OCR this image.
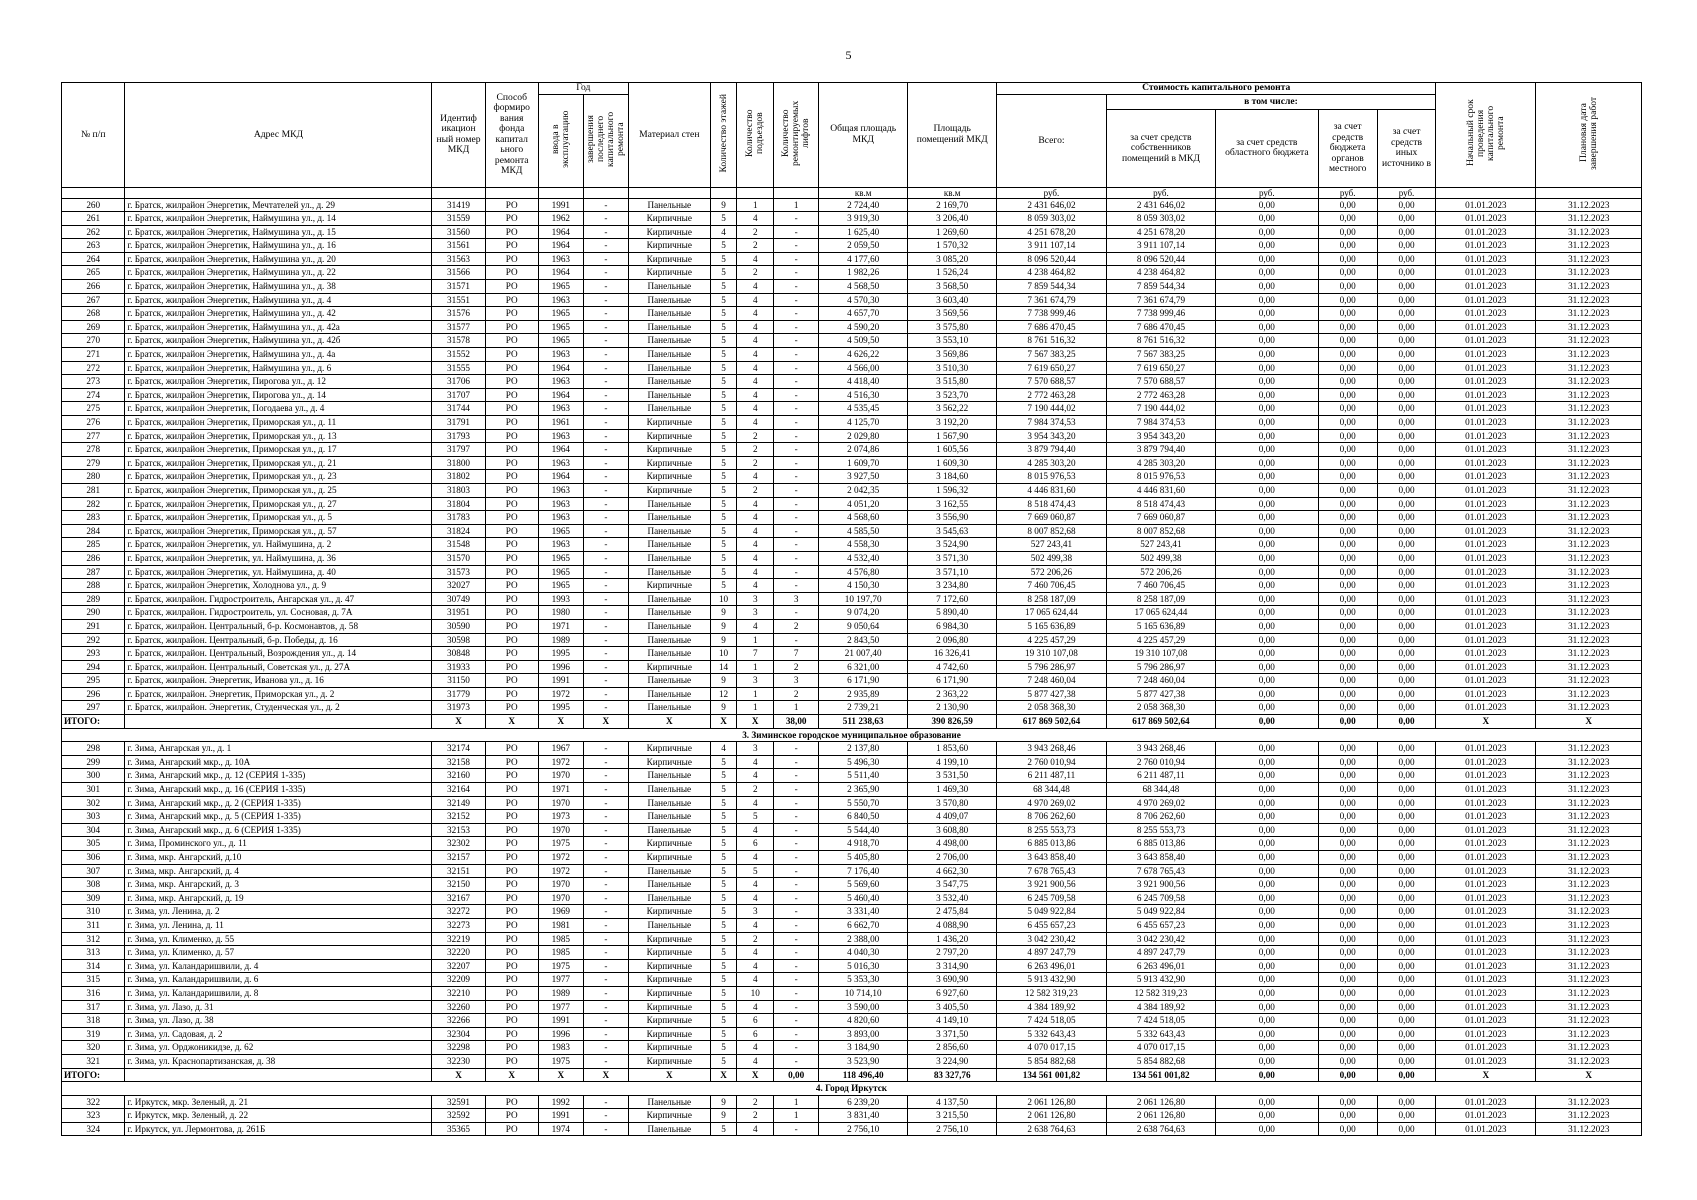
5
№ п/п	Адрес МКД	Идентиф икацион ный номер МКД	Способ формиро вания фонда капитал ьного ремонта МКД	Год		Материал стен	Количество этажей	Количество подъездов	Количество ремонтируемых лифтов	Общая площадь МКД	Площадь помещений МКД	Стоимость капитального ремонта					Начальный срок проведения капитального ремонта	Плановая дата завершения работ
				ввода в эксплуатацию	завершения последнего капитального ремонта							Всего:	в том числе:					
													за счет средств собственников помещений в МКД	за счет средств областного бюджета	за счет средств бюджета органов местного	за счет средств иных источнико в		
										кв.м	кв.м	руб.	руб.	руб.	руб.	руб.		
260	г. Братск, жилрайон Энергетик, Мечтателей ул., д. 29	31419	РО	1991	-	Панельные	9	1	1	2 724,40	2 169,70	2 431 646,02	2 431 646,02	0,00	0,00	0,00	01.01.2023	31.12.2023
261	г. Братск, жилрайон Энергетик, Наймушина ул., д. 14	31559	РО	1962	-	Кирпичные	5	4	-	3 919,30	3 206,40	8 059 303,02	8 059 303,02	0,00	0,00	0,00	01.01.2023	31.12.2023
262	г. Братск, жилрайон Энергетик, Наймушина ул., д. 15	31560	РО	1964	-	Кирпичные	4	2	-	1 625,40	1 269,60	4 251 678,20	4 251 678,20	0,00	0,00	0,00	01.01.2023	31.12.2023
263	г. Братск, жилрайон Энергетик, Наймушина ул., д. 16	31561	РО	1964	-	Кирпичные	5	2	-	2 059,50	1 570,32	3 911 107,14	3 911 107,14	0,00	0,00	0,00	01.01.2023	31.12.2023
264	г. Братск, жилрайон Энергетик, Наймушина ул., д. 20	31563	РО	1963	-	Кирпичные	5	4	-	4 177,60	3 085,20	8 096 520,44	8 096 520,44	0,00	0,00	0,00	01.01.2023	31.12.2023
265	г. Братск, жилрайон Энергетик, Наймушина ул., д. 22	31566	РО	1964	-	Кирпичные	5	2	-	1 982,26	1 526,24	4 238 464,82	4 238 464,82	0,00	0,00	0,00	01.01.2023	31.12.2023
266	г. Братск, жилрайон Энергетик, Наймушина ул., д. 38	31571	РО	1965	-	Панельные	5	4	-	4 568,50	3 568,50	7 859 544,34	7 859 544,34	0,00	0,00	0,00	01.01.2023	31.12.2023
267	г. Братск, жилрайон Энергетик, Наймушина ул., д. 4	31551	РО	1963	-	Панельные	5	4	-	4 570,30	3 603,40	7 361 674,79	7 361 674,79	0,00	0,00	0,00	01.01.2023	31.12.2023
268	г. Братск, жилрайон Энергетик, Наймушина ул., д. 42	31576	РО	1965	-	Панельные	5	4	-	4 657,70	3 569,56	7 738 999,46	7 738 999,46	0,00	0,00	0,00	01.01.2023	31.12.2023
269	г. Братск, жилрайон Энергетик, Наймушина ул., д. 42а	31577	РО	1965	-	Панельные	5	4	-	4 590,20	3 575,80	7 686 470,45	7 686 470,45	0,00	0,00	0,00	01.01.2023	31.12.2023
270	г. Братск, жилрайон Энергетик, Наймушина ул., д. 42б	31578	РО	1965	-	Панельные	5	4	-	4 509,50	3 553,10	8 761 516,32	8 761 516,32	0,00	0,00	0,00	01.01.2023	31.12.2023
271	г. Братск, жилрайон Энергетик, Наймушина ул., д. 4а	31552	РО	1963	-	Панельные	5	4	-	4 626,22	3 569,86	7 567 383,25	7 567 383,25	0,00	0,00	0,00	01.01.2023	31.12.2023
272	г. Братск, жилрайон Энергетик, Наймушина ул., д. 6	31555	РО	1964	-	Панельные	5	4	-	4 566,00	3 510,30	7 619 650,27	7 619 650,27	0,00	0,00	0,00	01.01.2023	31.12.2023
273	г. Братск, жилрайон Энергетик, Пирогова ул., д. 12	31706	РО	1963	-	Панельные	5	4	-	4 418,40	3 515,80	7 570 688,57	7 570 688,57	0,00	0,00	0,00	01.01.2023	31.12.2023
274	г. Братск, жилрайон Энергетик, Пирогова ул., д. 14	31707	РО	1964	-	Панельные	5	4	-	4 516,30	3 523,70	2 772 463,28	2 772 463,28	0,00	0,00	0,00	01.01.2023	31.12.2023
275	г. Братск, жилрайон Энергетик, Погодаева ул., д. 4	31744	РО	1963	-	Панельные	5	4	-	4 535,45	3 562,22	7 190 444,02	7 190 444,02	0,00	0,00	0,00	01.01.2023	31.12.2023
276	г. Братск, жилрайон Энергетик, Приморская ул., д. 11	31791	РО	1961	-	Кирпичные	5	4	-	4 125,70	3 192,20	7 984 374,53	7 984 374,53	0,00	0,00	0,00	01.01.2023	31.12.2023
277	г. Братск, жилрайон Энергетик, Приморская ул., д. 13	31793	РО	1963	-	Кирпичные	5	2	-	2 029,80	1 567,90	3 954 343,20	3 954 343,20	0,00	0,00	0,00	01.01.2023	31.12.2023
278	г. Братск, жилрайон Энергетик, Приморская ул., д. 17	31797	РО	1964	-	Кирпичные	5	2	-	2 074,86	1 605,56	3 879 794,40	3 879 794,40	0,00	0,00	0,00	01.01.2023	31.12.2023
279	г. Братск, жилрайон Энергетик, Приморская ул., д. 21	31800	РО	1963	-	Кирпичные	5	2	-	1 609,70	1 609,30	4 285 303,20	4 285 303,20	0,00	0,00	0,00	01.01.2023	31.12.2023
280	г. Братск, жилрайон Энергетик, Приморская ул., д. 23	31802	РО	1964	-	Кирпичные	5	4	-	3 927,50	3 184,60	8 015 976,53	8 015 976,53	0,00	0,00	0,00	01.01.2023	31.12.2023
281	г. Братск, жилрайон Энергетик, Приморская ул., д. 25	31803	РО	1963	-	Кирпичные	5	2	-	2 042,35	1 596,32	4 446 831,60	4 446 831,60	0,00	0,00	0,00	01.01.2023	31.12.2023
282	г. Братск, жилрайон Энергетик, Приморская ул., д. 27	31804	РО	1963	-	Панельные	5	4	-	4 051,20	3 162,55	8 518 474,43	8 518 474,43	0,00	0,00	0,00	01.01.2023	31.12.2023
283	г. Братск, жилрайон Энергетик, Приморская ул., д. 5	31783	РО	1963	-	Панельные	5	4	-	4 568,60	3 556,90	7 669 060,87	7 669 060,87	0,00	0,00	0,00	01.01.2023	31.12.2023
284	г. Братск, жилрайон Энергетик, Приморская ул., д. 57	31824	РО	1965	-	Панельные	5	4	-	4 585,50	3 545,63	8 007 852,68	8 007 852,68	0,00	0,00	0,00	01.01.2023	31.12.2023
285	г. Братск, жилрайон Энергетик, ул. Наймушина, д. 2	31548	РО	1963	-	Панельные	5	4	-	4 558,30	3 524,90	527 243,41	527 243,41	0,00	0,00	0,00	01.01.2023	31.12.2023
286	г. Братск, жилрайон Энергетик, ул. Наймушина, д. 36	31570	РО	1965	-	Панельные	5	4	-	4 532,40	3 571,30	502 499,38	502 499,38	0,00	0,00	0,00	01.01.2023	31.12.2023
287	г. Братск, жилрайон Энергетик, ул. Наймушина, д. 40	31573	РО	1965	-	Панельные	5	4	-	4 576,80	3 571,10	572 206,26	572 206,26	0,00	0,00	0,00	01.01.2023	31.12.2023
288	г. Братск, жилрайон Энергетик, Холоднова ул., д. 9	32027	РО	1965	-	Кирпичные	5	4	-	4 150,30	3 234,80	7 460 706,45	7 460 706,45	0,00	0,00	0,00	01.01.2023	31.12.2023
289	г. Братск, жилрайон. Гидростроитель, Ангарская ул., д. 47	30749	РО	1993	-	Панельные	10	3	3	10 197,70	7 172,60	8 258 187,09	8 258 187,09	0,00	0,00	0,00	01.01.2023	31.12.2023
290	г. Братск, жилрайон. Гидростроитель, ул. Сосновая, д. 7А	31951	РО	1980	-	Панельные	9	3	-	9 074,20	5 890,40	17 065 624,44	17 065 624,44	0,00	0,00	0,00	01.01.2023	31.12.2023
291	г. Братск, жилрайон. Центральный, б-р. Космонавтов, д. 58	30590	РО	1971	-	Панельные	9	4	2	9 050,64	6 984,30	5 165 636,89	5 165 636,89	0,00	0,00	0,00	01.01.2023	31.12.2023
292	г. Братск, жилрайон. Центральный, б-р. Победы, д. 16	30598	РО	1989	-	Панельные	9	1	-	2 843,50	2 096,80	4 225 457,29	4 225 457,29	0,00	0,00	0,00	01.01.2023	31.12.2023
293	г. Братск, жилрайон. Центральный, Возрождения ул., д. 14	30848	РО	1995	-	Панельные	10	7	7	21 007,40	16 326,41	19 310 107,08	19 310 107,08	0,00	0,00	0,00	01.01.2023	31.12.2023
294	г. Братск, жилрайон. Центральный, Советская ул., д. 27А	31933	РО	1996	-	Кирпичные	14	1	2	6 321,00	4 742,60	5 796 286,97	5 796 286,97	0,00	0,00	0,00	01.01.2023	31.12.2023
295	г. Братск, жилрайон. Энергетик, Иванова ул., д. 16	31150	РО	1991	-	Панельные	9	3	3	6 171,90	6 171,90	7 248 460,04	7 248 460,04	0,00	0,00	0,00	01.01.2023	31.12.2023
296	г. Братск, жилрайон. Энергетик, Приморская ул., д. 2	31779	РО	1972	-	Панельные	12	1	2	2 935,89	2 363,22	5 877 427,38	5 877 427,38	0,00	0,00	0,00	01.01.2023	31.12.2023
297	г. Братск, жилрайон. Энергетик, Студенческая ул., д. 2	31973	РО	1995	-	Панельные	9	1	1	2 739,21	2 130,90	2 058 368,30	2 058 368,30	0,00	0,00	0,00	01.01.2023	31.12.2023
ИТОГО:		X	X	X	X	X	X	X	38,00	511 238,63	390 826,59	617 869 502,64	617 869 502,64	0,00	0,00	0,00	X	X
3. Зиминское городское муниципальное образование																		
298	г. Зима, Ангарская ул., д. 1	32174	РО	1967	-	Кирпичные	4	3	-	2 137,80	1 853,60	3 943 268,46	3 943 268,46	0,00	0,00	0,00	01.01.2023	31.12.2023
299	г. Зима, Ангарский мкр., д. 10А	32158	РО	1972	-	Кирпичные	5	4	-	5 496,30	4 199,10	2 760 010,94	2 760 010,94	0,00	0,00	0,00	01.01.2023	31.12.2023
300	г. Зима, Ангарский мкр., д. 12 (СЕРИЯ 1-335)	32160	РО	1970	-	Панельные	5	4	-	5 511,40	3 531,50	6 211 487,11	6 211 487,11	0,00	0,00	0,00	01.01.2023	31.12.2023
301	г. Зима, Ангарский мкр., д. 16 (СЕРИЯ 1-335)	32164	РО	1971	-	Панельные	5	2	-	2 365,90	1 469,30	68 344,48	68 344,48	0,00	0,00	0,00	01.01.2023	31.12.2023
302	г. Зима, Ангарский мкр., д. 2 (СЕРИЯ 1-335)	32149	РО	1970	-	Панельные	5	4	-	5 550,70	3 570,80	4 970 269,02	4 970 269,02	0,00	0,00	0,00	01.01.2023	31.12.2023
303	г. Зима, Ангарский мкр., д. 5 (СЕРИЯ 1-335)	32152	РО	1973	-	Панельные	5	5	-	6 840,50	4 409,07	8 706 262,60	8 706 262,60	0,00	0,00	0,00	01.01.2023	31.12.2023
304	г. Зима, Ангарский мкр., д. 6 (СЕРИЯ 1-335)	32153	РО	1970	-	Панельные	5	4	-	5 544,40	3 608,80	8 255 553,73	8 255 553,73	0,00	0,00	0,00	01.01.2023	31.12.2023
305	г. Зима, Проминского ул., д. 11	32302	РО	1975	-	Кирпичные	5	6	-	4 918,70	4 498,00	6 885 013,86	6 885 013,86	0,00	0,00	0,00	01.01.2023	31.12.2023
306	г. Зима, мкр. Ангарский, д.10	32157	РО	1972	-	Кирпичные	5	4	-	5 405,80	2 706,00	3 643 858,40	3 643 858,40	0,00	0,00	0,00	01.01.2023	31.12.2023
307	г. Зима, мкр. Ангарский, д. 4	32151	РО	1972	-	Панельные	5	5	-	7 176,40	4 662,30	7 678 765,43	7 678 765,43	0,00	0,00	0,00	01.01.2023	31.12.2023
308	г. Зима, мкр. Ангарский, д. 3	32150	РО	1970	-	Панельные	5	4	-	5 569,60	3 547,75	3 921 900,56	3 921 900,56	0,00	0,00	0,00	01.01.2023	31.12.2023
309	г. Зима, мкр. Ангарский, д. 19	32167	РО	1970	-	Панельные	5	4	-	5 460,40	3 532,40	6 245 709,58	6 245 709,58	0,00	0,00	0,00	01.01.2023	31.12.2023
310	г. Зима, ул. Ленина, д. 2	32272	РО	1969	-	Кирпичные	5	3	-	3 331,40	2 475,84	5 049 922,84	5 049 922,84	0,00	0,00	0,00	01.01.2023	31.12.2023
311	г. Зима, ул. Ленина, д. 11	32273	РО	1981	-	Панельные	5	4	-	6 662,70	4 088,90	6 455 657,23	6 455 657,23	0,00	0,00	0,00	01.01.2023	31.12.2023
312	г. Зима, ул. Клименко, д. 55	32219	РО	1985	-	Кирпичные	5	2	-	2 388,00	1 436,20	3 042 230,42	3 042 230,42	0,00	0,00	0,00	01.01.2023	31.12.2023
313	г. Зима, ул. Клименко, д. 57	32220	РО	1985	-	Кирпичные	5	4	-	4 040,30	2 797,20	4 897 247,79	4 897 247,79	0,00	0,00	0,00	01.01.2023	31.12.2023
314	г. Зима, ул. Каландаришвили, д. 4	32207	РО	1975	-	Кирпичные	5	4	-	5 016,30	3 314,90	6 263 496,01	6 263 496,01	0,00	0,00	0,00	01.01.2023	31.12.2023
315	г. Зима, ул. Каландаришвили, д. 6	32209	РО	1977	-	Кирпичные	5	4	-	5 353,30	3 690,90	5 913 432,90	5 913 432,90	0,00	0,00	0,00	01.01.2023	31.12.2023
316	г. Зима, ул. Каландаришвили, д. 8	32210	РО	1989	-	Кирпичные	5	10	-	10 714,10	6 927,60	12 582 319,23	12 582 319,23	0,00	0,00	0,00	01.01.2023	31.12.2023
317	г. Зима, ул. Лазо, д. 31	32260	РО	1977	-	Кирпичные	5	4	-	3 590,00	3 405,50	4 384 189,92	4 384 189,92	0,00	0,00	0,00	01.01.2023	31.12.2023
318	г. Зима, ул. Лазо, д. 38	32266	РО	1991	-	Кирпичные	5	6	-	4 820,60	4 149,10	7 424 518,05	7 424 518,05	0,00	0,00	0,00	01.01.2023	31.12.2023
319	г. Зима, ул. Садовая, д. 2	32304	РО	1996	-	Кирпичные	5	6	-	3 893,00	3 371,50	5 332 643,43	5 332 643,43	0,00	0,00	0,00	01.01.2023	31.12.2023
320	г. Зима, ул. Орджоникидзе, д. 62	32298	РО	1983	-	Кирпичные	5	4	-	3 184,90	2 856,60	4 070 017,15	4 070 017,15	0,00	0,00	0,00	01.01.2023	31.12.2023
321	г. Зима, ул. Краснопартизанская, д. 38	32230	РО	1975	-	Кирпичные	5	4	-	3 523,90	3 224,90	5 854 882,68	5 854 882,68	0,00	0,00	0,00	01.01.2023	31.12.2023
ИТОГО:		X	X	X	X	X	X	X	0,00	118 496,40	83 327,76	134 561 001,82	134 561 001,82	0,00	0,00	0,00	X	X
4. Город Иркутск																		
322	г. Иркутск, мкр. Зеленый, д. 21	32591	РО	1992	-	Панельные	9	2	1	6 239,20	4 137,50	2 061 126,80	2 061 126,80	0,00	0,00	0,00	01.01.2023	31.12.2023
323	г. Иркутск, мкр. Зеленый, д. 22	32592	РО	1991	-	Кирпичные	9	2	1	3 831,40	3 215,50	2 061 126,80	2 061 126,80	0,00	0,00	0,00	01.01.2023	31.12.2023
324	г. Иркутск, ул. Лермонтова, д. 261Б	35365	РО	1974	-	Панельные	5	4	-	2 756,10	2 756,10	2 638 764,63	2 638 764,63	0,00	0,00	0,00	01.01.2023	31.12.2023
